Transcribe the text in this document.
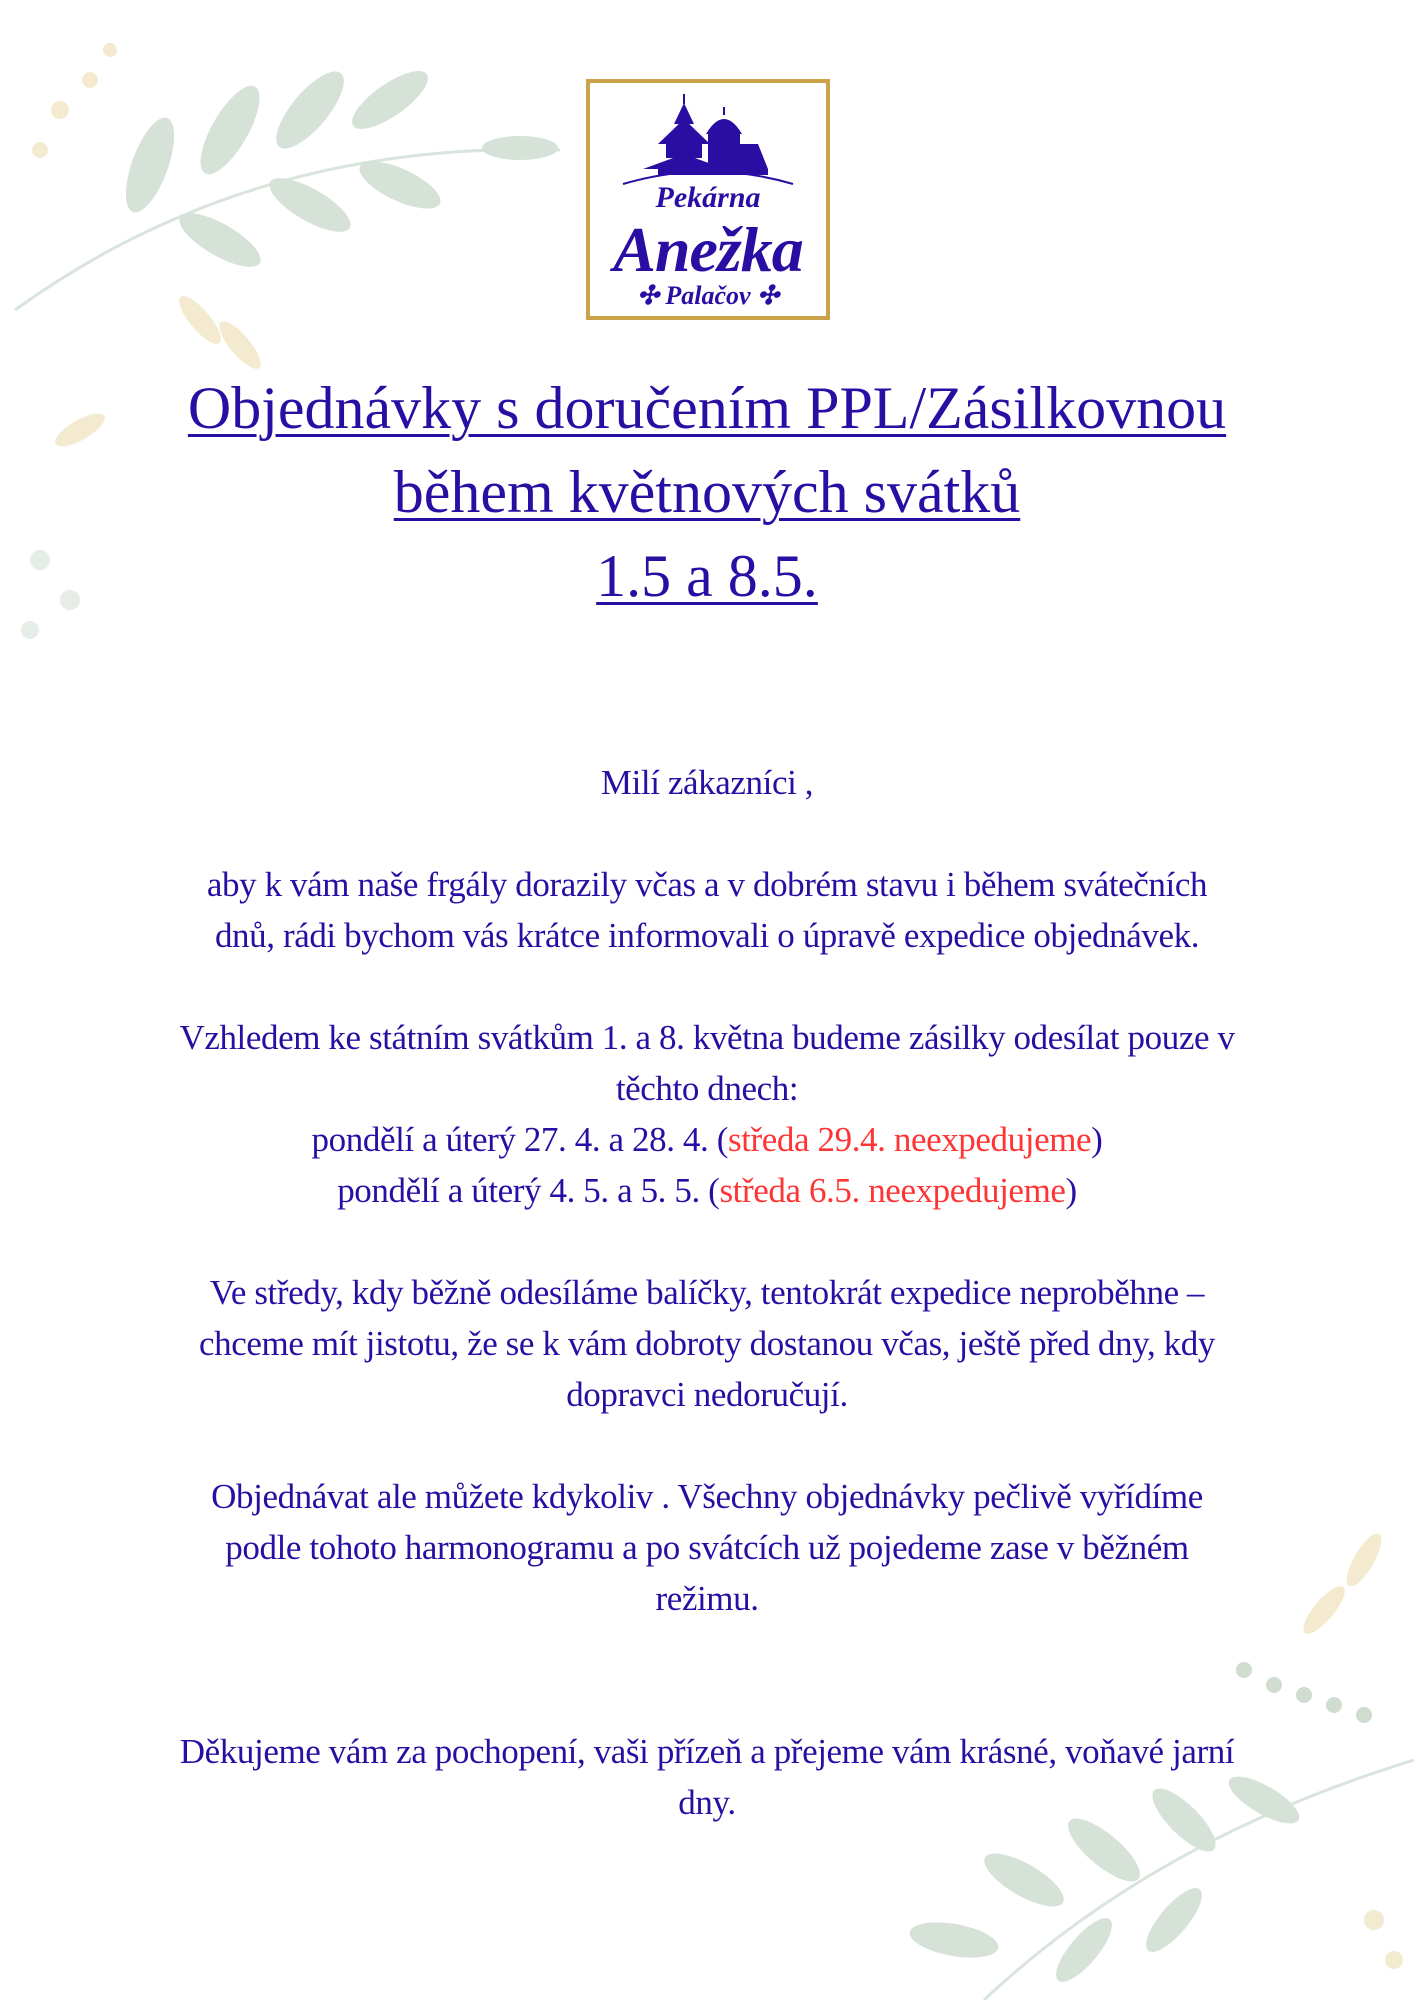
Pekárna
Anežka
✣ Palačov ✣
Objednávky s doručením PPL/Zásilkovnou
během květnových svátků
1.5 a 8.5.
Milí zákazníci ,
aby k vám naše frgály dorazily včas a v dobrém stavu i během svátečních
dnů, rádi bychom vás krátce informovali o úpravě expedice objednávek.
Vzhledem ke státním svátkům 1. a 8. května budeme zásilky odesílat pouze v
těchto dnech:
pondělí a úterý 27. 4. a 28. 4. (středa 29.4. neexpedujeme)
pondělí a úterý 4. 5. a 5. 5. (středa 6.5. neexpedujeme)
Ve středy, kdy běžně odesíláme balíčky, tentokrát expedice neproběhne –
chceme mít jistotu, že se k vám dobroty dostanou včas, ještě před dny, kdy
dopravci nedoručují.
Objednávat ale můžete kdykoliv . Všechny objednávky pečlivě vyřídíme
podle tohoto harmonogramu a po svátcích už pojedeme zase v běžném
režimu.
Děkujeme vám za pochopení, vaši přízeň a přejeme vám krásné, voňavé jarní
dny.
